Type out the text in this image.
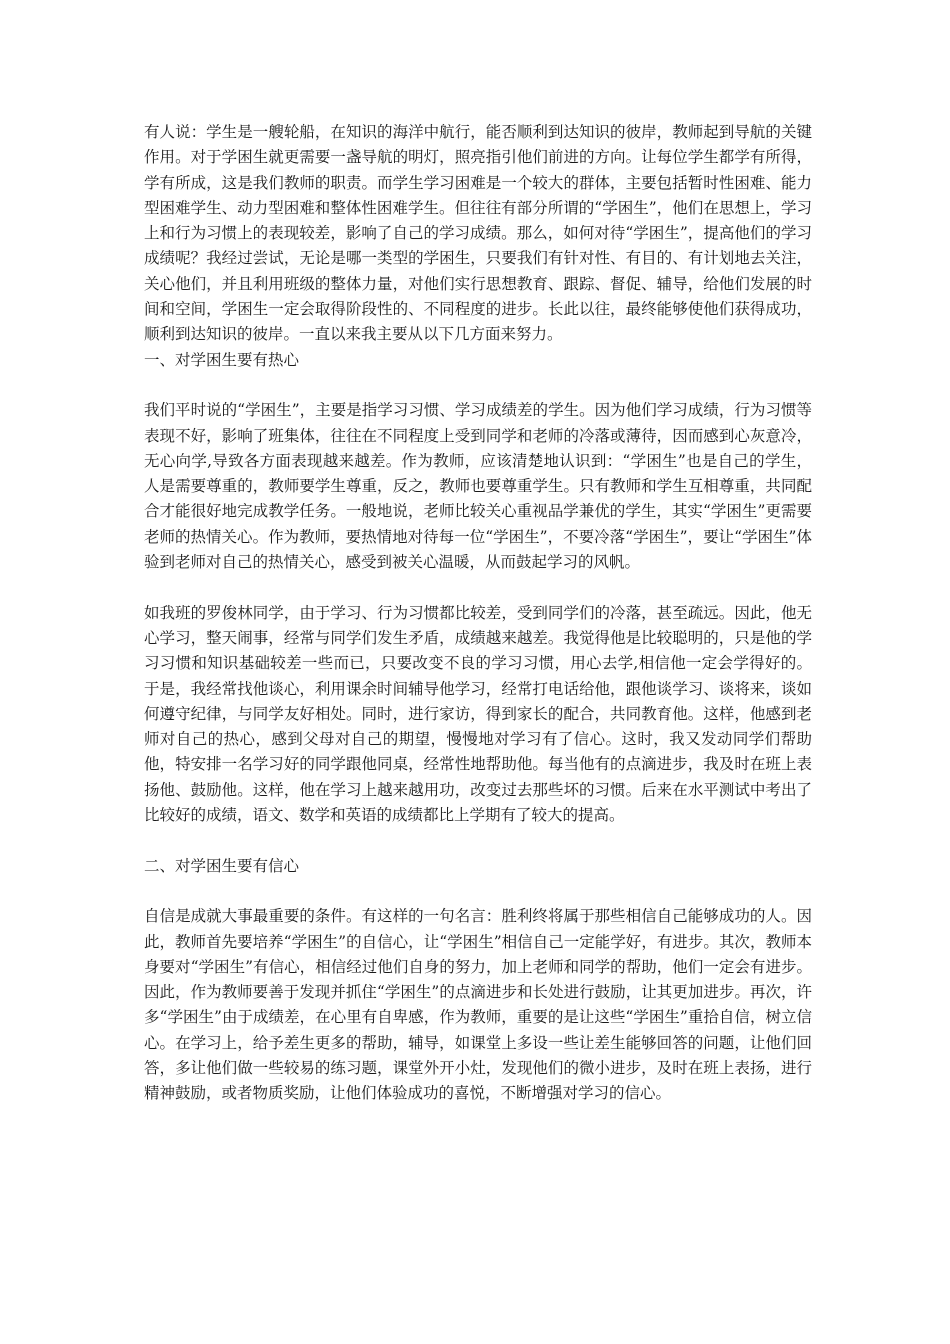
有人说：学生是一艘轮船，在知识的海洋中航行，能否顺利到达知识的彼岸，教师起到导航的关键作用。对于学困生就更需要一盏导航的明灯，照亮指引他们前进的方向。让每位学生都学有所得，学有所成，这是我们教师的职责。而学生学习困难是一个较大的群体，主要包括暂时性困难、能力型困难学生、动力型困难和整体性困难学生。但往往有部分所谓的“学困生”，他们在思想上，学习上和行为习惯上的表现较差，影响了自己的学习成绩。那么，如何对待“学困生”，提高他们的学习成绩呢？我经过尝试，无论是哪一类型的学困生，只要我们有针对性、有目的、有计划地去关注，关心他们，并且利用班级的整体力量，对他们实行思想教育、跟踪、督促、辅导，给他们发展的时间和空间，学困生一定会取得阶段性的、不同程度的进步。长此以往，最终能够使他们获得成功，顺利到达知识的彼岸。一直以来我主要从以下几方面来努力。

一、对学困生要有热心

我们平时说的“学困生”，主要是指学习习惯、学习成绩差的学生。因为他们学习成绩，行为习惯等表现不好，影响了班集体，往往在不同程度上受到同学和老师的冷落或薄待，因而感到心灰意冷，无心向学,导致各方面表现越来越差。作为教师，应该清楚地认识到：“学困生”也是自己的学生，人是需要尊重的，教师要学生尊重，反之，教师也要尊重学生。只有教师和学生互相尊重，共同配合才能很好地完成教学任务。一般地说，老师比较关心重视品学兼优的学生，其实“学困生”更需要老师的热情关心。作为教师，要热情地对待每一位“学困生”，不要冷落“学困生”，要让“学困生”体验到老师对自己的热情关心，感受到被关心温暖，从而鼓起学习的风帆。

如我班的罗俊林同学，由于学习、行为习惯都比较差，受到同学们的冷落，甚至疏远。因此，他无心学习，整天闹事，经常与同学们发生矛盾，成绩越来越差。我觉得他是比较聪明的，只是他的学习习惯和知识基础较差一些而已，只要改变不良的学习习惯，用心去学,相信他一定会学得好的。于是，我经常找他谈心，利用课余时间辅导他学习，经常打电话给他，跟他谈学习、谈将来，谈如何遵守纪律，与同学友好相处。同时，进行家访，得到家长的配合，共同教育他。这样，他感到老师对自己的热心，感到父母对自己的期望，慢慢地对学习有了信心。这时，我又发动同学们帮助他，特安排一名学习好的同学跟他同桌，经常性地帮助他。每当他有的点滴进步，我及时在班上表扬他、鼓励他。这样，他在学习上越来越用功，改变过去那些坏的习惯。后来在水平测试中考出了比较好的成绩，语文、数学和英语的成绩都比上学期有了较大的提高。

二、对学困生要有信心

自信是成就大事最重要的条件。有这样的一句名言：胜利终将属于那些相信自己能够成功的人。因此，教师首先要培养“学困生”的自信心，让“学困生”相信自己一定能学好，有进步。其次，教师本身要对“学困生”有信心，相信经过他们自身的努力，加上老师和同学的帮助，他们一定会有进步。因此，作为教师要善于发现并抓住“学困生”的点滴进步和长处进行鼓励，让其更加进步。再次，许多“学困生”由于成绩差，在心里有自卑感，作为教师，重要的是让这些“学困生”重拾自信，树立信心。在学习上，给予差生更多的帮助，辅导，如课堂上多设一些让差生能够回答的问题，让他们回答，多让他们做一些较易的练习题，课堂外开小灶，发现他们的微小进步，及时在班上表扬，进行精神鼓励，或者物质奖励，让他们体验成功的喜悦，不断增强对学习的信心。
